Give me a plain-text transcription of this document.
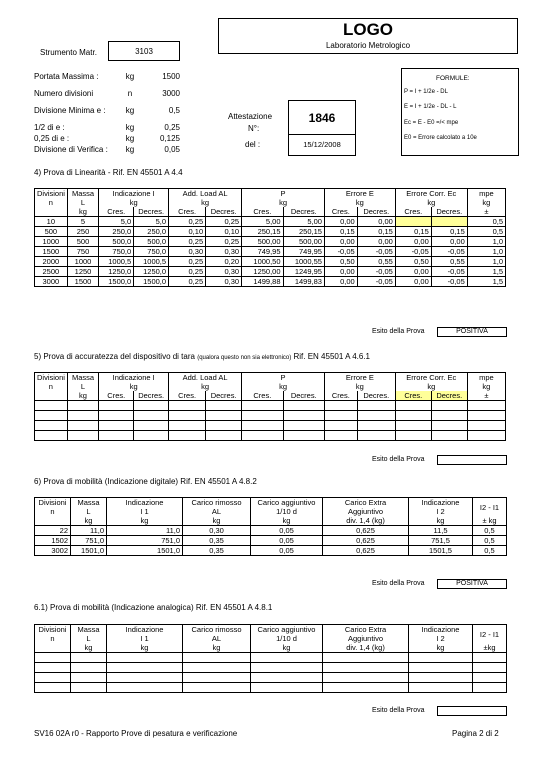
LOGO
Laboratorio Metrologico
Strumento Matr.	3103
Portata Massima :	kg	1500
Numero divisioni	n	3000
Divisione Minima e :	kg	0,5
1/2 di e :	kg	0,25
0,25 di e :	kg	0,125
Divisione di Verifica :	kg	0,05
Attestazione
N°:
del :
1846
15/12/2008
FORMULE:
P = I + 1/2e - DL
E = I + 1/2e - DL - L
Ec = E - E0 =/< mpe
E0 = Errore calcolato a 10e
4) Prova di Linearità - Rif. EN 45501 A 4.4
Divisioni	Massa	Indicazione I		Add. Load AL		P		Errore E		Errore Corr. Ec		mpe
n	L	kg		kg		kg		kg		kg		kg
	kg	Cres.	Decres.	Cres.	Decres.	Cres.	Decres.	Cres.	Decres.	Cres.	Decres.	±
10	5	5,0	5,0	0,25	0,25	5,00	5,00	0,00	0,00			0,5
500	250	250,0	250,0	0,10	0,10	250,15	250,15	0,15	0,15	0,15	0,15	0,5
1000	500	500,0	500,0	0,25	0,25	500,00	500,00	0,00	0,00	0,00	0,00	1,0
1500	750	750,0	750,0	0,30	0,30	749,95	749,95	-0,05	-0,05	-0,05	-0,05	1,0
2000	1000	1000,5	1000,5	0,25	0,20	1000,50	1000,55	0,50	0,55	0,50	0,55	1,0
2500	1250	1250,0	1250,0	0,25	0,30	1250,00	1249,95	0,00	-0,05	0,00	-0,05	1,5
3000	1500	1500,0	1500,0	0,25	0,30	1499,88	1499,83	0,00	-0,05	0,00	-0,05	1,5
Esito della Prova	POSITIVA
5) Prova di accuratezza del dispositivo di tara (qualora questo non sia elettronico) Rif. EN 45501 A 4.6.1
Divisioni	Massa	Indicazione I		Add. Load AL		P		Errore E		Errore Corr. Ec		mpe
n	L	kg		kg		kg		kg		kg		kg
	kg	Cres.	Decres.	Cres.	Decres.	Cres.	Decres.	Cres.	Decres.	Cres.	Decres.	±

Esito della Prova
6) Prova di mobilità (Indicazione digitale) Rif. EN 45501 A 4.8.2
Divisioni	Massa	Indicazione	Carico rimosso	Carico aggiuntivo	Carico Extra	Indicazione	I2 - I1
n	L	I 1	AL	1/10 d	Aggiuntivo	I 2	
	kg	kg	kg	kg	div. 1,4 (kg)	kg	± kg
22	11,0	11,0	0,30	0,05	0,625	11,5	0,5
1502	751,0	751,0	0,35	0,05	0,625	751,5	0,5
3002	1501,0	1501,0	0,35	0,05	0,625	1501,5	0,5
Esito della Prova	POSITIVA
6.1) Prova di mobilità (Indicazione analogica) Rif. EN 45501 A 4.8.1
Divisioni	Massa	Indicazione	Carico rimosso	Carico aggiuntivo	Carico Extra	Indicazione	I2 - I1
n	L	I 1	AL	1/10 d	Aggiuntivo	I 2	
	kg	kg	kg	kg	div. 1,4 (kg)	kg	±kg

Esito della Prova
SV16 02A r0 - Rapporto Prove di pesatura e verificazione	Pagina 2 di 2
